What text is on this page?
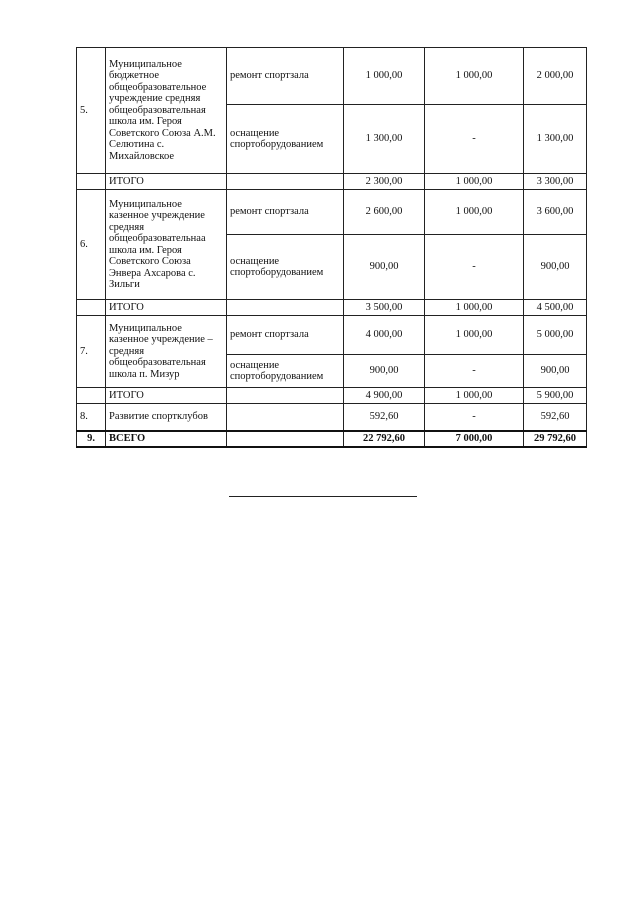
5.	Муниципальное бюджетное общеобразовательное учреждение средняя общеобразовательная школа им. Героя Советского Союза А.М. Селютина с. Михайловское	ремонт спортзала	1 000,00	1 000,00	2 000,00
		оснащение спортоборудованием	1 300,00	-	1 300,00
	ИТОГО		2 300,00	1 000,00	3 300,00
6.	Муниципальное казенное учреждение средняя общеобразовательнаа школа им. Героя Советского Союза Энвера Ахсарова с. Зильги	ремонт спортзала	2 600,00	1 000,00	3 600,00
		оснащение спортоборудованием	900,00	-	900,00
	ИТОГО		3 500,00	1 000,00	4 500,00
7.	Муниципальное казенное учреждение – средняя общеобразовательная школа п. Мизур	ремонт спортзала	4 000,00	1 000,00	5 000,00
		оснащение спортоборудованием	900,00	-	900,00
	ИТОГО		4 900,00	1 000,00	5 900,00
8.	Развитие спортклубов		592,60	-	592,60
9.	ВСЕГО		22 792,60	7 000,00	29 792,60
